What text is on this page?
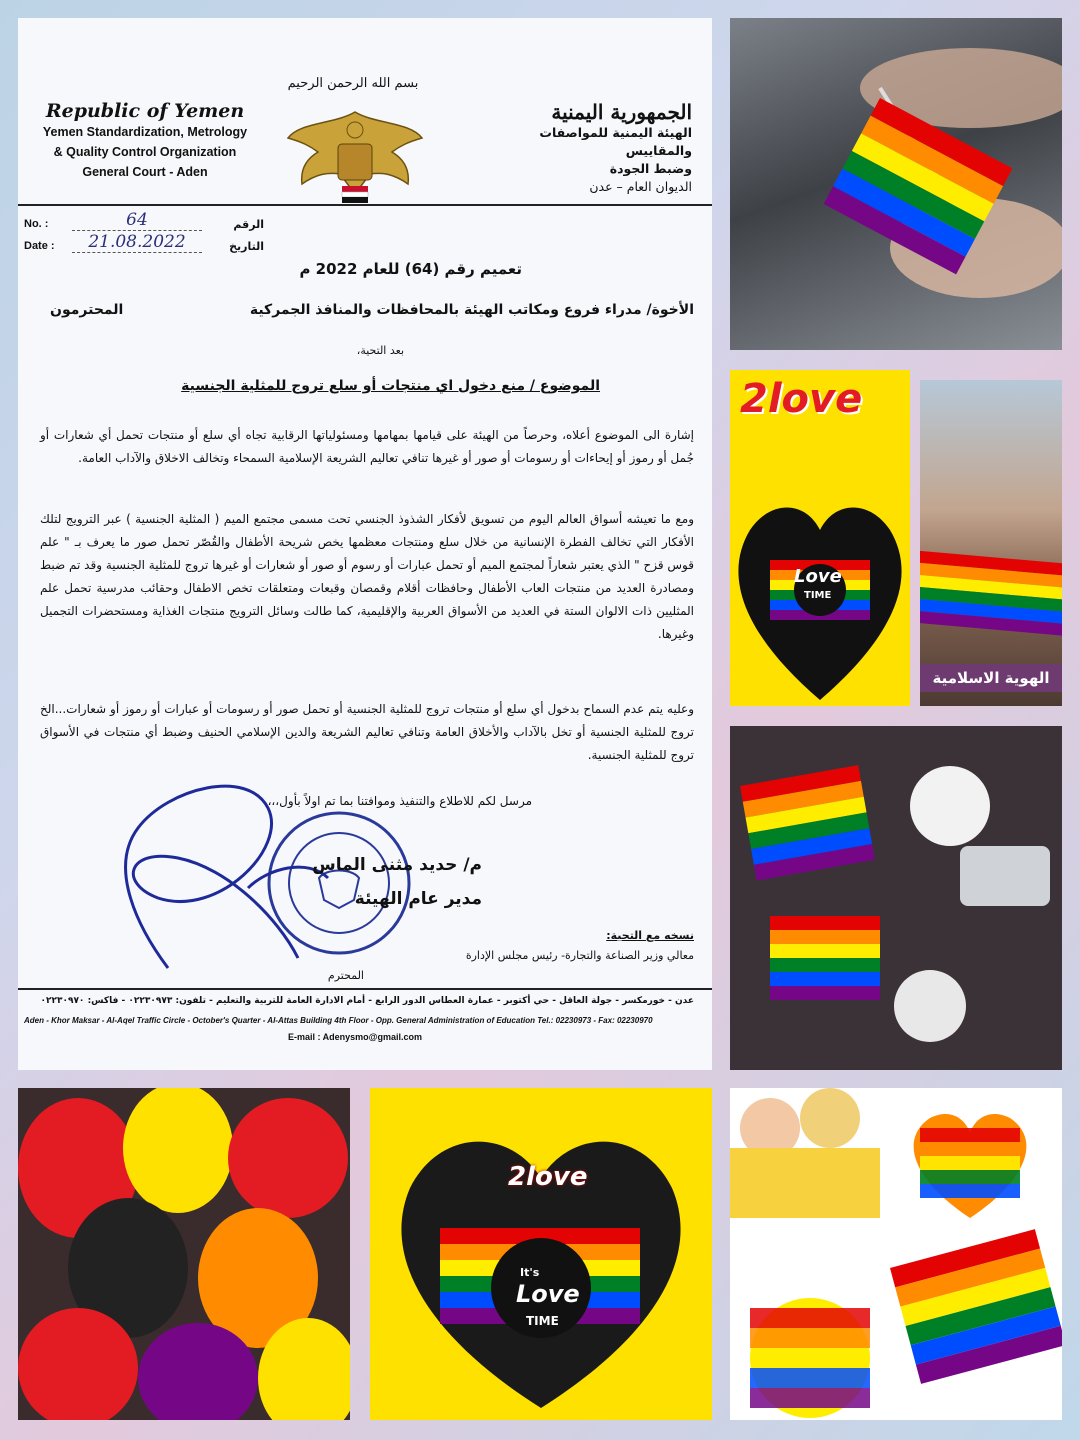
بسم الله الرحمن الرحيم
Republic of Yemen
Yemen Standardization, Metrology
& Quality Control Organization
General Court - Aden
الجمهورية اليمنية
الهيئة اليمنية للمواصفات والمقاييس
وضبط الجودة
الديوان العام – عدن
No. :	64	الرقم
Date :	21.08.2022	التاريخ
تعميم رقم (64) للعام 2022 م
الأخوة/ مدراء فروع ومكاتب الهيئة بالمحافظات والمنافذ الجمركية
المحترمون
بعد التحية،
الموضوع / منع دخول اي منتجات أو سلع تروج للمثلية الجنسية
إشارة الى الموضوع أعلاه، وحرصاً من الهيئة على قيامها بمهامها ومسئولياتها الرقابية تجاه أي سلع أو منتجات تحمل أي شعارات أو جُمل أو رموز أو إيحاءات أو رسومات أو صور أو غيرها تنافي تعاليم الشريعة الإسلامية السمحاء وتخالف الاخلاق والآداب العامة.
ومع ما تعيشه أسواق العالم اليوم من تسويق لأفكار الشذوذ الجنسي تحت مسمى مجتمع الميم ( المثلية الجنسية ) عبر الترويج لتلك الأفكار التي تخالف الفطرة الإنسانية من خلال سلع ومنتجات معظمها يخص شريحة الأطفال والقُصّر تحمل صور ما يعرف بـ " علم قوس قزح " الذي يعتبر شعاراً لمجتمع الميم أو تحمل عبارات أو رسوم أو صور أو شعارات أو غيرها تروج للمثلية الجنسية وقد تم ضبط ومصادرة العديد من منتجات العاب الأطفال وحافظات أقلام وقمصان وقبعات ومتعلقات تخص الاطفال وحقائب مدرسية تحمل علم المثليين ذات الالوان الستة في العديد من الأسواق العربية والإقليمية، كما طالت وسائل الترويج منتجات الغذاية ومستحضرات التجميل وغيرها.
وعليه يتم عدم السماح بدخول أي سلع أو منتجات تروج للمثلية الجنسية أو تحمل صور أو رسومات أو عبارات أو رموز أو شعارات...الخ تروج للمثلية الجنسية أو تخل بالآداب والأخلاق العامة وتنافي تعاليم الشريعة والدين الإسلامي الحنيف وضبط أي منتجات في الأسواق تروج للمثلية الجنسية.
مرسل لكم للاطلاع والتنفيذ وموافتنا بما تم اولاً بأول،،،
م/ حديد مثنى الماس
مدير عام الهيئة
نسخه مع التحية:
معالي وزير الصناعة والتجارة- رئيس مجلس الإدارة
المحترم
عدن - خورمكسر - جولة العاقل - حي أكتوبر - عمارة العطاس الدور الرابع - أمام الادارة العامة للتربية والتعليم - تلفون: ٠٢٢٣٠٩٧٣ - فاكس: ٠٢٢٣٠٩٧٠
Aden - Khor Maksar - Al-Aqel Traffic Circle - October's Quarter - Al-Attas Building 4th Floor - Opp. General Administration of Education Tel.: 02230973 - Fax: 02230970
E-mail : Adenysmo@gmail.com
2love
Love
TIME
الهوية الاسلامية
2love
It's
Love
TIME
